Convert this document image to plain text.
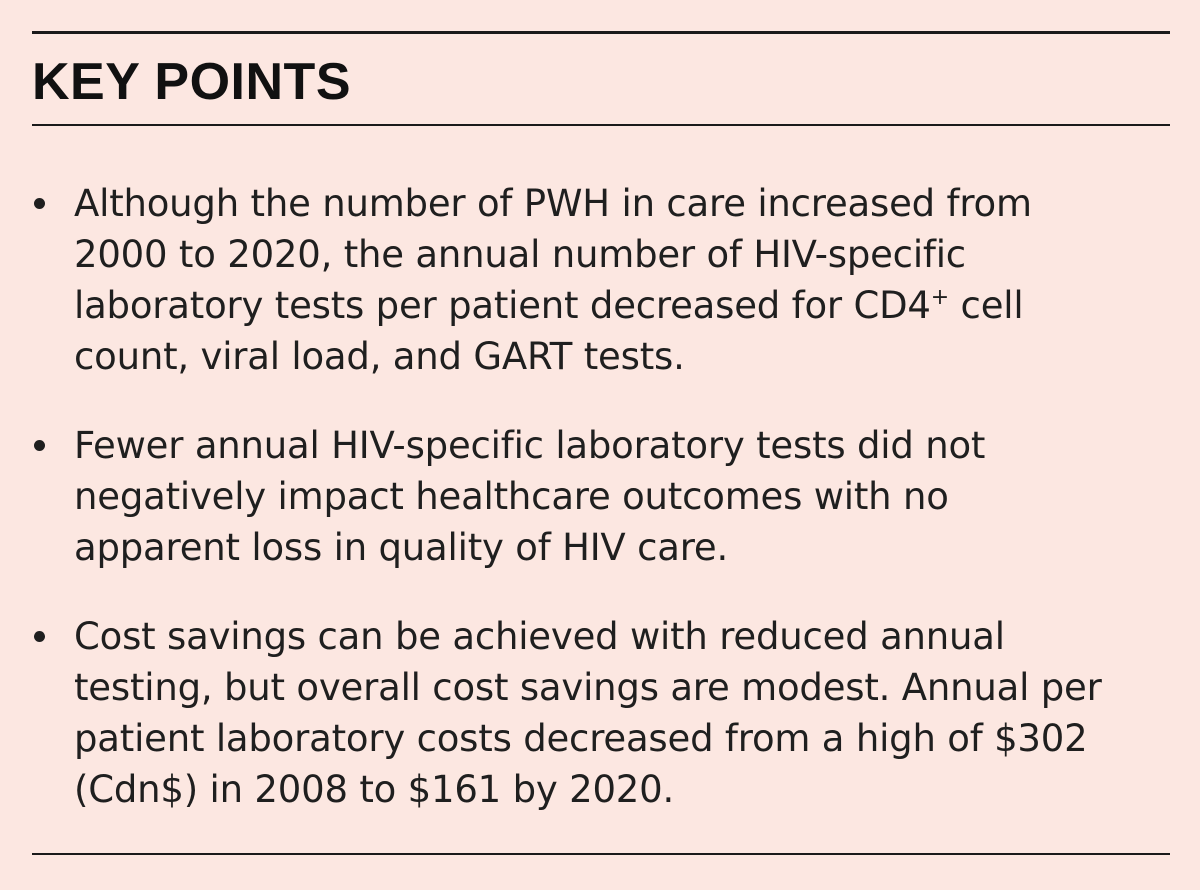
KEY POINTS
Although the number of PWH in care increased from
2000 to 2020, the annual number of HIV-specific
laboratory tests per patient decreased for CD4+ cell
count, viral load, and GART tests.
Fewer annual HIV-specific laboratory tests did not
negatively impact healthcare outcomes with no
apparent loss in quality of HIV care.
Cost savings can be achieved with reduced annual
testing, but overall cost savings are modest. Annual per
patient laboratory costs decreased from a high of $302
(Cdn$) in 2008 to $161 by 2020.
